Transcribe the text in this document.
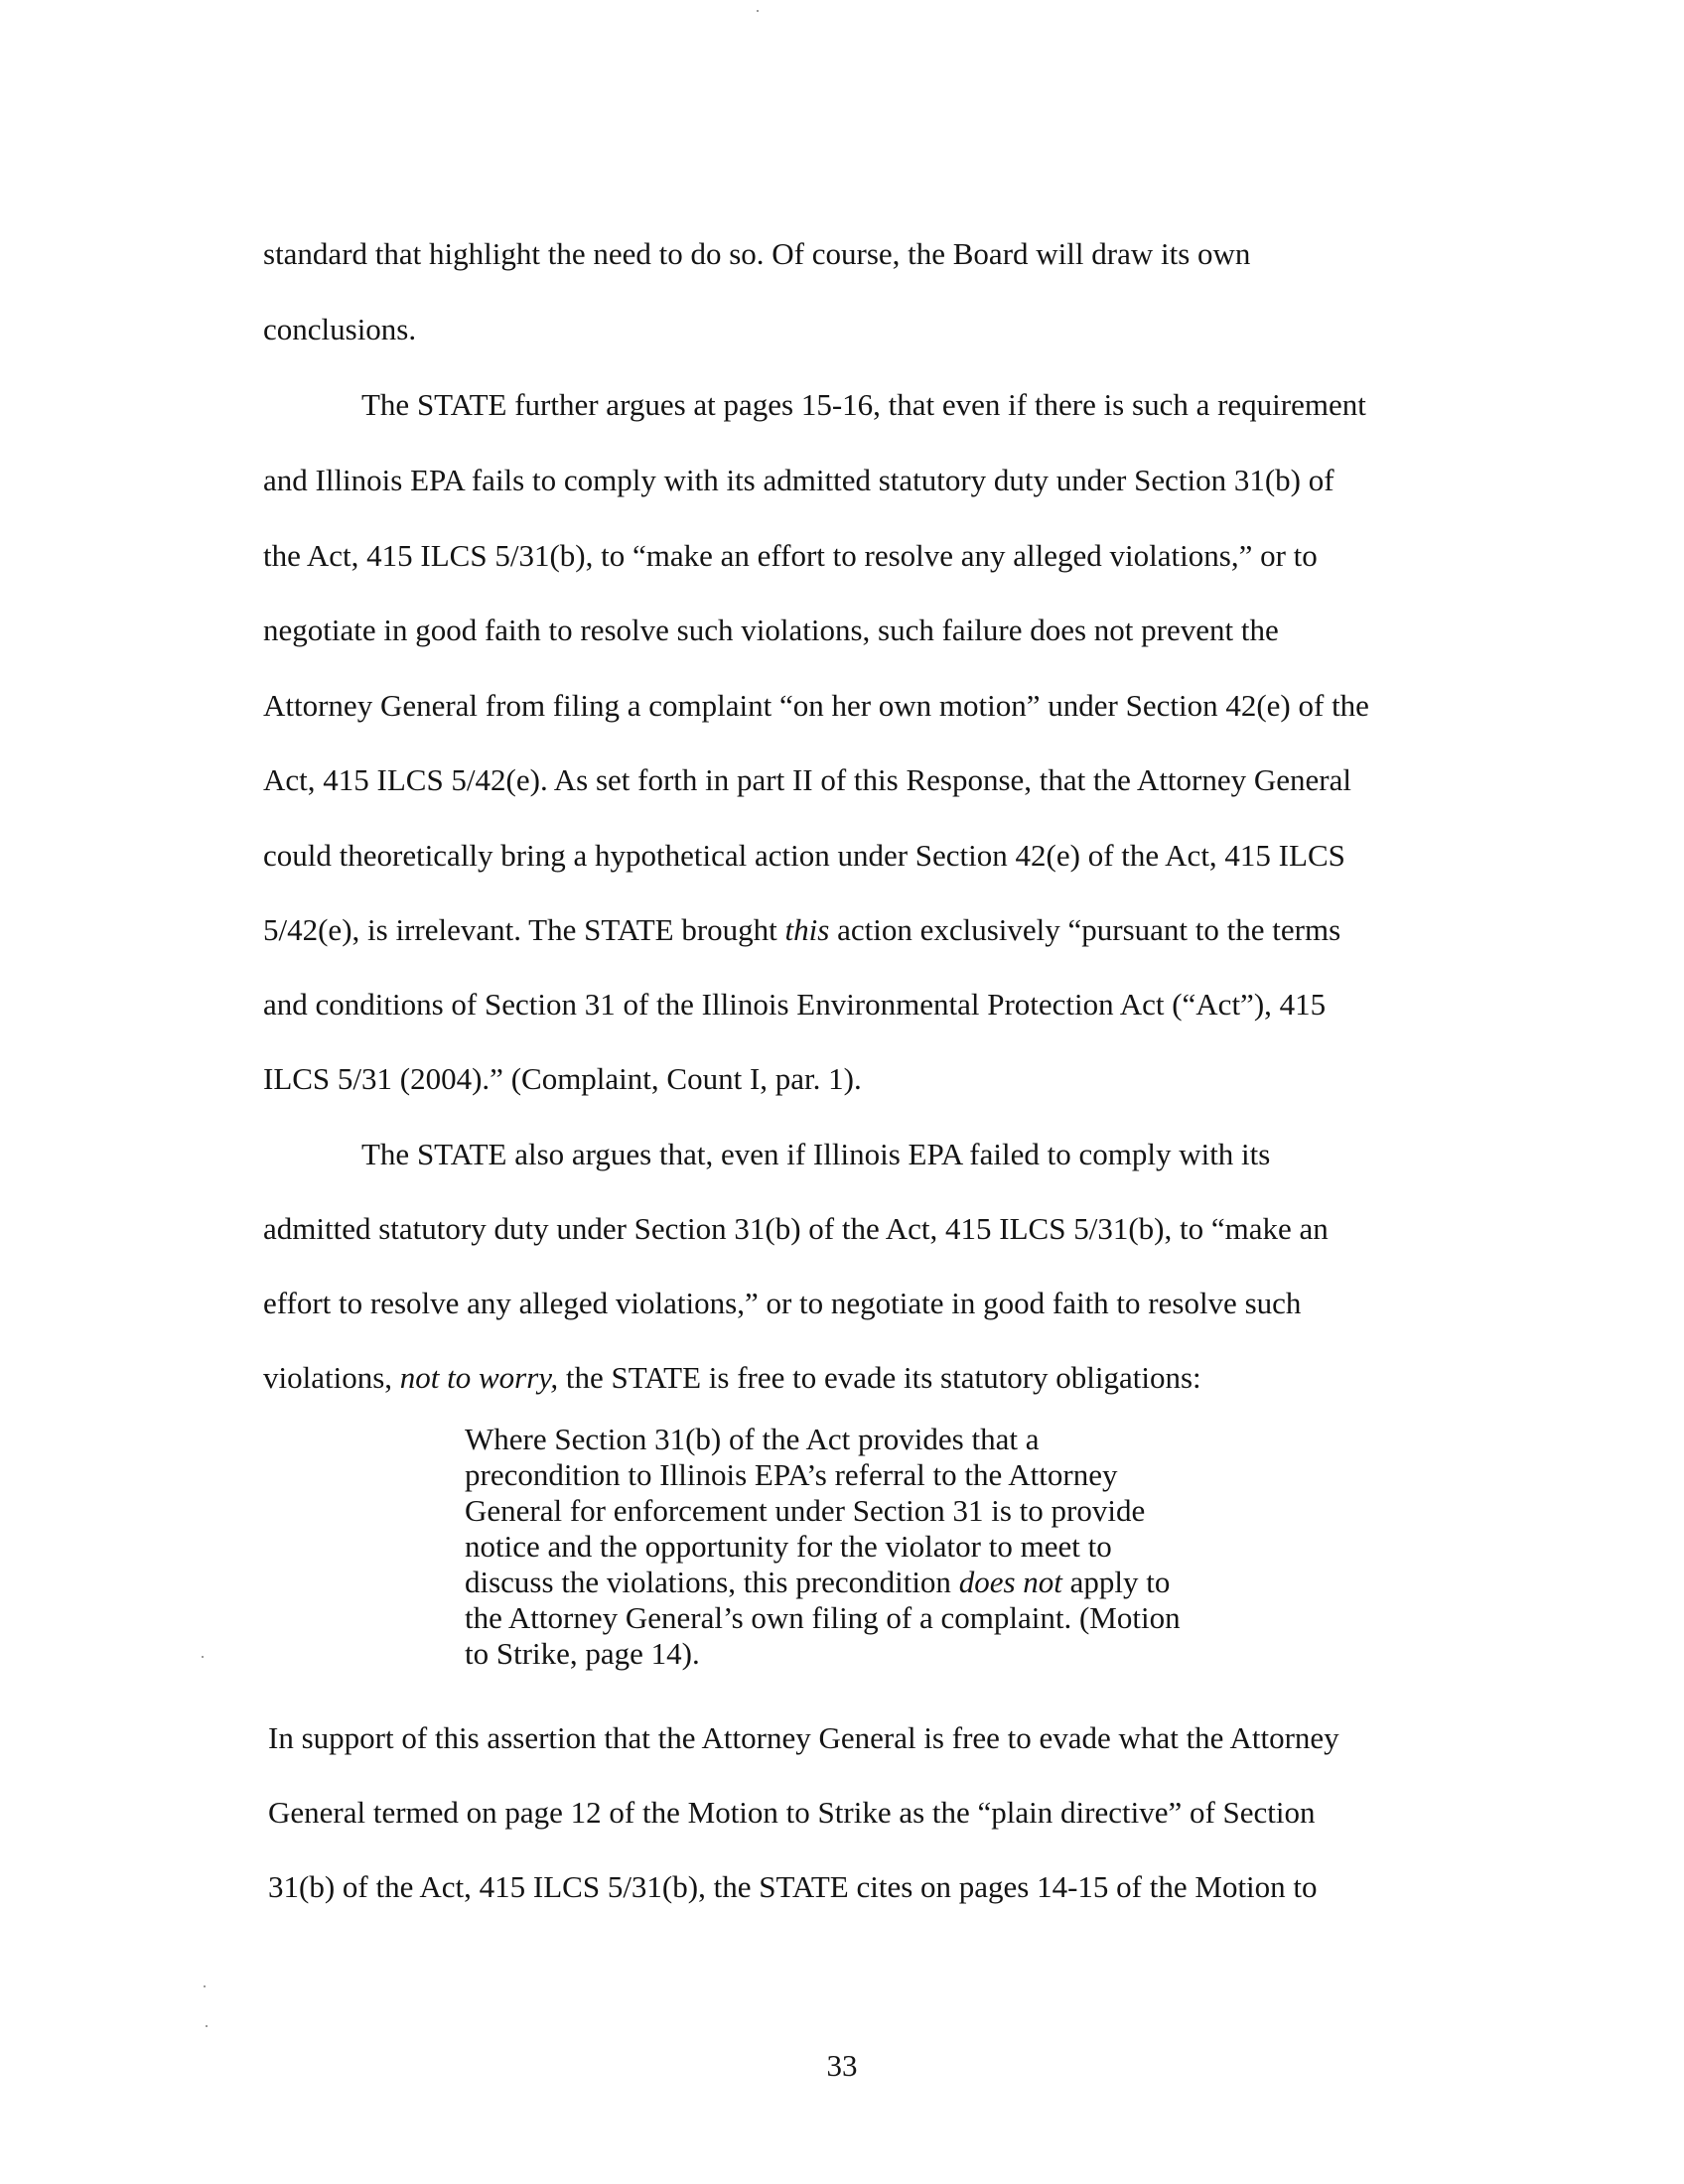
standard that highlight the need to do so. Of course, the Board will draw its own

conclusions.

The STATE further argues at pages 15-16, that even if there is such a requirement

and Illinois EPA fails to comply with its admitted statutory duty under Section 31(b) of

the Act, 415 ILCS 5/31(b), to “make an effort to resolve any alleged violations,” or to

negotiate in good faith to resolve such violations, such failure does not prevent the

Attorney General from filing a complaint “on her own motion” under Section 42(e) of the

Act, 415 ILCS 5/42(e). As set forth in part II of this Response, that the Attorney General

could theoretically bring a hypothetical action under Section 42(e) of the Act, 415 ILCS

5/42(e), is irrelevant. The STATE brought this action exclusively “pursuant to the terms

and conditions of Section 31 of the Illinois Environmental Protection Act (“Act”), 415

ILCS 5/31 (2004).” (Complaint, Count I, par. 1).

The STATE also argues that, even if Illinois EPA failed to comply with its

admitted statutory duty under Section 31(b) of the Act, 415 ILCS 5/31(b), to “make an

effort to resolve any alleged violations,” or to negotiate in good faith to resolve such

violations, not to worry, the STATE is free to evade its statutory obligations:

Where Section 31(b) of the Act provides that a
precondition to Illinois EPA’s referral to the Attorney
General for enforcement under Section 31 is to provide
notice and the opportunity for the violator to meet to
discuss the violations, this precondition does not apply to
the Attorney General’s own filing of a complaint. (Motion
to Strike, page 14).

In support of this assertion that the Attorney General is free to evade what the Attorney

General termed on page 12 of the Motion to Strike as the “plain directive” of Section

31(b) of the Act, 415 ILCS 5/31(b), the STATE cites on pages 14-15 of the Motion to

33
